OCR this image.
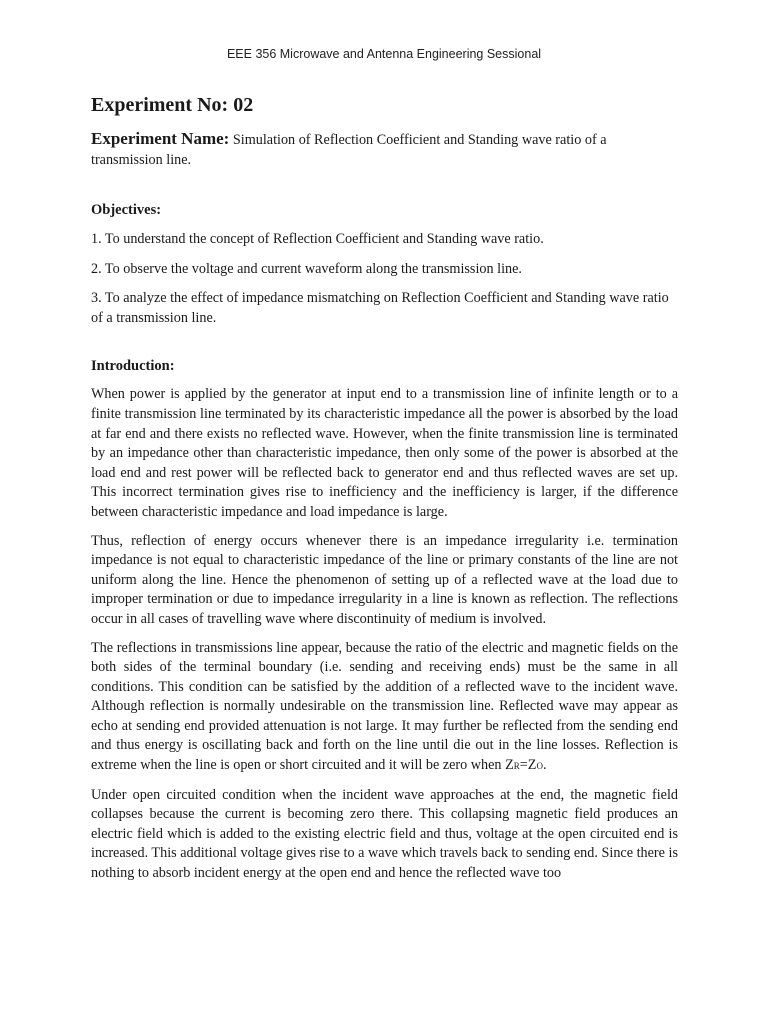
EEE 356 Microwave and Antenna Engineering Sessional
Experiment No: 02

Experiment Name: Simulation of Reflection Coefficient and Standing wave ratio of a transmission line.

Objectives:

1. To understand the concept of Reflection Coefficient and Standing wave ratio.

2. To observe the voltage and current waveform along the transmission line.

3. To analyze the effect of impedance mismatching on Reflection Coefficient and Standing wave ratio of a transmission line.

Introduction:

When power is applied by the generator at input end to a transmission line of infinite length or to a finite transmission line terminated by its characteristic impedance all the power is absorbed by the load at far end and there exists no reflected wave. However, when the finite transmission line is terminated by an impedance other than characteristic impedance, then only some of the power is absorbed at the load end and rest power will be reflected back to generator end and thus reflected waves are set up. This incorrect termination gives rise to inefficiency and the inefficiency is larger, if the difference between characteristic impedance and load impedance is large.

Thus, reflection of energy occurs whenever there is an impedance irregularity i.e. termination impedance is not equal to characteristic impedance of the line or primary constants of the line are not uniform along the line. Hence the phenomenon of setting up of a reflected wave at the load due to improper termination or due to impedance irregularity in a line is known as reflection. The reflections occur in all cases of travelling wave where discontinuity of medium is involved.

The reflections in transmissions line appear, because the ratio of the electric and magnetic fields on the both sides of the terminal boundary (i.e. sending and receiving ends) must be the same in all conditions. This condition can be satisfied by the addition of a reflected wave to the incident wave. Although reflection is normally undesirable on the transmission line. Reflected wave may appear as echo at sending end provided attenuation is not large. It may further be reflected from the sending end and thus energy is oscillating back and forth on the line until die out in the line losses. Reflection is extreme when the line is open or short circuited and it will be zero when ZR=ZO.

Under open circuited condition when the incident wave approaches at the end, the magnetic field collapses because the current is becoming zero there. This collapsing magnetic field produces an electric field which is added to the existing electric field and thus, voltage at the open circuited end is increased. This additional voltage gives rise to a wave which travels back to sending end. Since there is nothing to absorb incident energy at the open end and hence the reflected wave too
